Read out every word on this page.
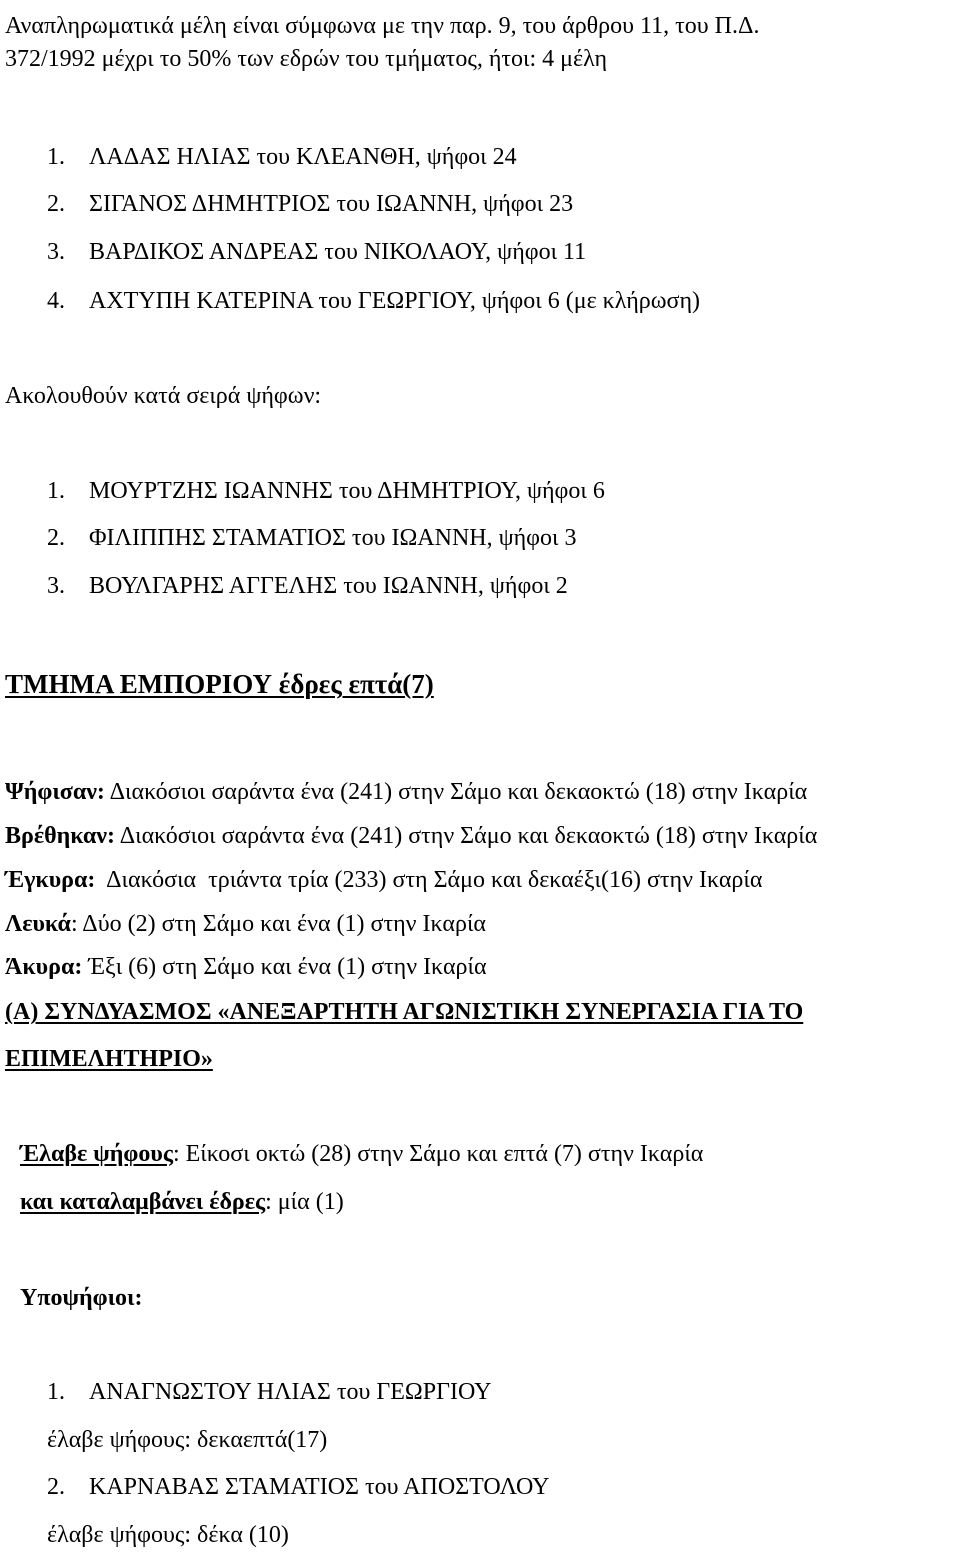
Αναπληρωματικά μέλη είναι σύμφωνα με την παρ. 9, του άρθρου 11, του Π.Δ.
372/1992 μέχρι το 50% των εδρών του τμήματος, ήτοι: 4 μέλη
1. ΛΑΔΑΣ ΗΛΙΑΣ του ΚΛΕΑΝΘΗ, ψήφοι 24
2. ΣΙΓΑΝΟΣ ΔΗΜΗΤΡΙΟΣ του ΙΩΑΝΝΗ, ψήφοι 23
3. ΒΑΡΔΙΚΟΣ ΑΝΔΡΕΑΣ του ΝΙΚΟΛΑΟΥ, ψήφοι 11
4. ΑΧΤΥΠΗ ΚΑΤΕΡΙΝΑ του ΓΕΩΡΓΙΟΥ, ψήφοι 6 (με κλήρωση)
Ακολουθούν κατά σειρά ψήφων:
1. ΜΟΥΡΤΖΗΣ ΙΩΑΝΝΗΣ του ΔΗΜΗΤΡΙΟΥ, ψήφοι 6
2. ΦΙΛΙΠΠΗΣ ΣΤΑΜΑΤΙΟΣ του ΙΩΑΝΝΗ, ψήφοι 3
3. ΒΟΥΛΓΑΡΗΣ ΑΓΓΕΛΗΣ του ΙΩΑΝΝΗ, ψήφοι 2
ΤΜΗΜΑ ΕΜΠΟΡΙΟΥ έδρες επτά(7)
Ψήφισαν: Διακόσιοι σαράντα ένα (241) στην Σάμο και δεκαοκτώ (18) στην Ικαρία
Βρέθηκαν: Διακόσιοι σαράντα ένα (241) στην Σάμο και δεκαοκτώ (18) στην Ικαρία
Έγκυρα:  Διακόσια  τριάντα τρία (233) στη Σάμο και δεκαέξι(16) στην Ικαρία
Λευκά: Δύο (2) στη Σάμο και ένα (1) στην Ικαρία
Άκυρα: Έξι (6) στη Σάμο και ένα (1) στην Ικαρία
(Α) ΣΥΝΔΥΑΣΜΟΣ «ΑΝΕΞΑΡΤΗΤΗ ΑΓΩΝΙΣΤΙΚΗ ΣΥΝΕΡΓΑΣΙΑ ΓΙΑ ΤΟ
ΕΠΙΜΕΛΗΤΗΡΙΟ»
Έλαβε ψήφους: Είκοσι οκτώ (28) στην Σάμο και επτά (7) στην Ικαρία
και καταλαμβάνει έδρες: μία (1)
Υποψήφιοι:
1. ΑΝΑΓΝΩΣΤΟΥ ΗΛΙΑΣ του ΓΕΩΡΓΙΟΥ
έλαβε ψήφους: δεκαεπτά(17)
2. ΚΑΡΝΑΒΑΣ ΣΤΑΜΑΤΙΟΣ του ΑΠΟΣΤΟΛΟΥ
έλαβε ψήφους: δέκα (10)
